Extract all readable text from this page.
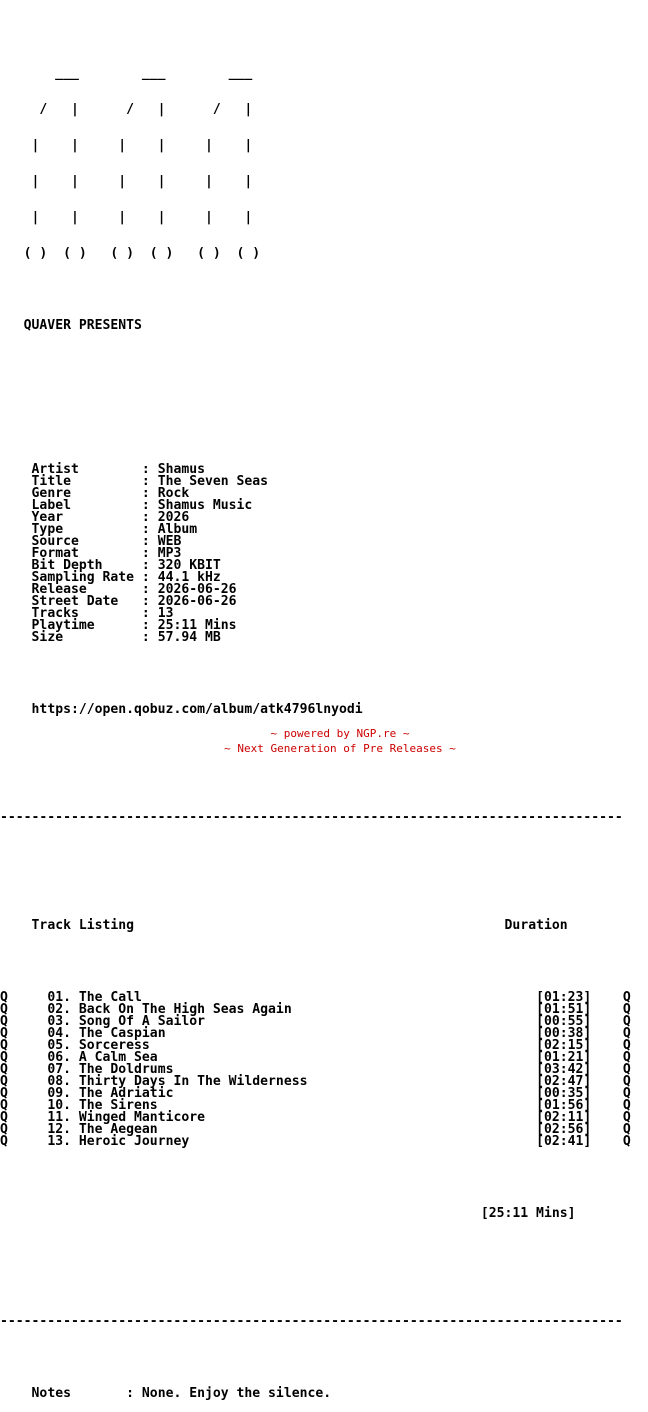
___        ___        ___

/   |      /   |      /   |

|    |     |    |     |    |

|    |     |    |     |    |

|    |     |    |     |    |

( )  ( )   ( )  ( )   ( )  ( )

QUAVER PRESENTS

Artist        : Shamus
Title         : The Seven Seas
Genre         : Rock
Label         : Shamus Music
Year          : 2026
Type          : Album
Source        : WEB
Format        : MP3
Bit Depth     : 320 KBIT
Sampling Rate : 44.1 kHz
Release       : 2026-06-26
Street Date   : 2026-06-26
Tracks        : 13
Playtime      : 25:11 Mins
Size          : 57.94 MB

https://open.qobuz.com/album/atk4796lnyodi

-------------------------------------------------------------------------------

Track Listing	Duration

Q	01. The Call	[01:23] Q
Q	02. Back On The High Seas Again	[01:51] Q
Q	03. Song Of A Sailor	[00:55] Q
Q	04. The Caspian	[00:38] Q
Q	05. Sorceress	[02:15] Q
Q	06. A Calm Sea	[01:21] Q
Q	07. The Doldrums	[03:42] Q
Q	08. Thirty Days In The Wilderness	[02:47] Q
Q	09. The Adriatic	[00:35] Q
Q	10. The Sirens	[01:56] Q
Q	11. Winged Manticore	[02:11] Q
Q	12. The Aegean	[02:56] Q
Q	13. Heroic Journey	[02:41] Q

[25:11 Mins]

-------------------------------------------------------------------------------

Notes       : None. Enjoy the silence.

~ powered by NGP.re ~
~ Next Generation of Pre Releases ~
